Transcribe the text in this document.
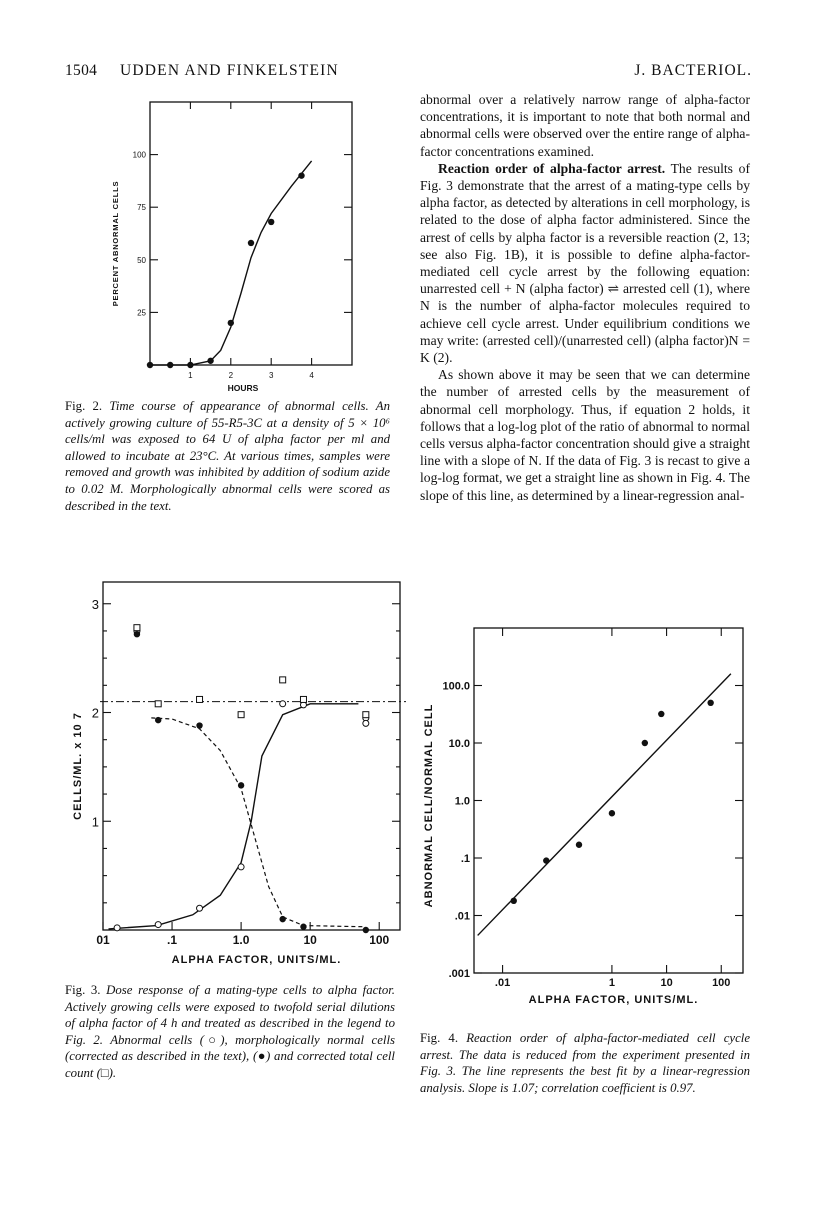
1504 UDDEN AND FINKELSTEIN	J. BACTERIOL.
25
50
75
100
1	2	3	4
HOURS
PERCENT ABNORMAL CELLS
Fig. 2. Time course of appearance of abnormal cells. An actively growing culture of 55-R5-3C at a density of 5 × 10⁶ cells/ml was exposed to 64 U of alpha factor per ml and allowed to incubate at 23°C. At various times, samples were removed and growth was inhibited by addition of sodium azide to 0.02 M. Morphologically abnormal cells were scored as described in the text.
1
2
3
01	.1	1.0	10	100
ALPHA FACTOR, UNITS/ML.
CELLS/ML. x 10 7
Fig. 3. Dose response of a mating-type cells to alpha factor. Actively growing cells were exposed to twofold serial dilutions of alpha factor of 4 h and treated as described in the legend to Fig. 2. Abnormal cells (○), morphologically normal cells (corrected as described in the text), (●) and corrected total cell count (□).

abnormal over a relatively narrow range of alpha-factor concentrations, it is important to note that both normal and abnormal cells were observed over the entire range of alpha-factor concentrations examined.

Reaction order of alpha-factor arrest. The results of Fig. 3 demonstrate that the arrest of a mating-type cells by alpha factor, as detected by alterations in cell morphology, is related to the dose of alpha factor administered. Since the arrest of cells by alpha factor is a reversible reaction (2, 13; see also Fig. 1B), it is possible to define alpha-factor-mediated cell cycle arrest by the following equation: unarrested cell + N (alpha factor) ⇌ arrested cell (1), where N is the number of alpha-factor molecules required to achieve cell cycle arrest. Under equilibrium conditions we may write: (arrested cell)/(unarrested cell) (alpha factor)N = K (2).

As shown above it may be seen that we can determine the number of arrested cells by the measurement of abnormal cell morphology. Thus, if equation 2 holds, it follows that a log-log plot of the ratio of abnormal to normal cells versus alpha-factor concentration should give a straight line with a slope of N. If the data of Fig. 3 is recast to give a log-log format, we get a straight line as shown in Fig. 4. The slope of this line, as determined by a linear-regression anal-

.001
.01
.1
1.0
10.0
100.0
.01	1	10	100
ALPHA FACTOR, UNITS/ML.
ABNORMAL CELL/NORMAL CELL
Fig. 4. Reaction order of alpha-factor-mediated cell cycle arrest. The data is reduced from the experiment presented in Fig. 3. The line represents the best fit by a linear-regression analysis. Slope is 1.07; correlation coefficient is 0.97.
